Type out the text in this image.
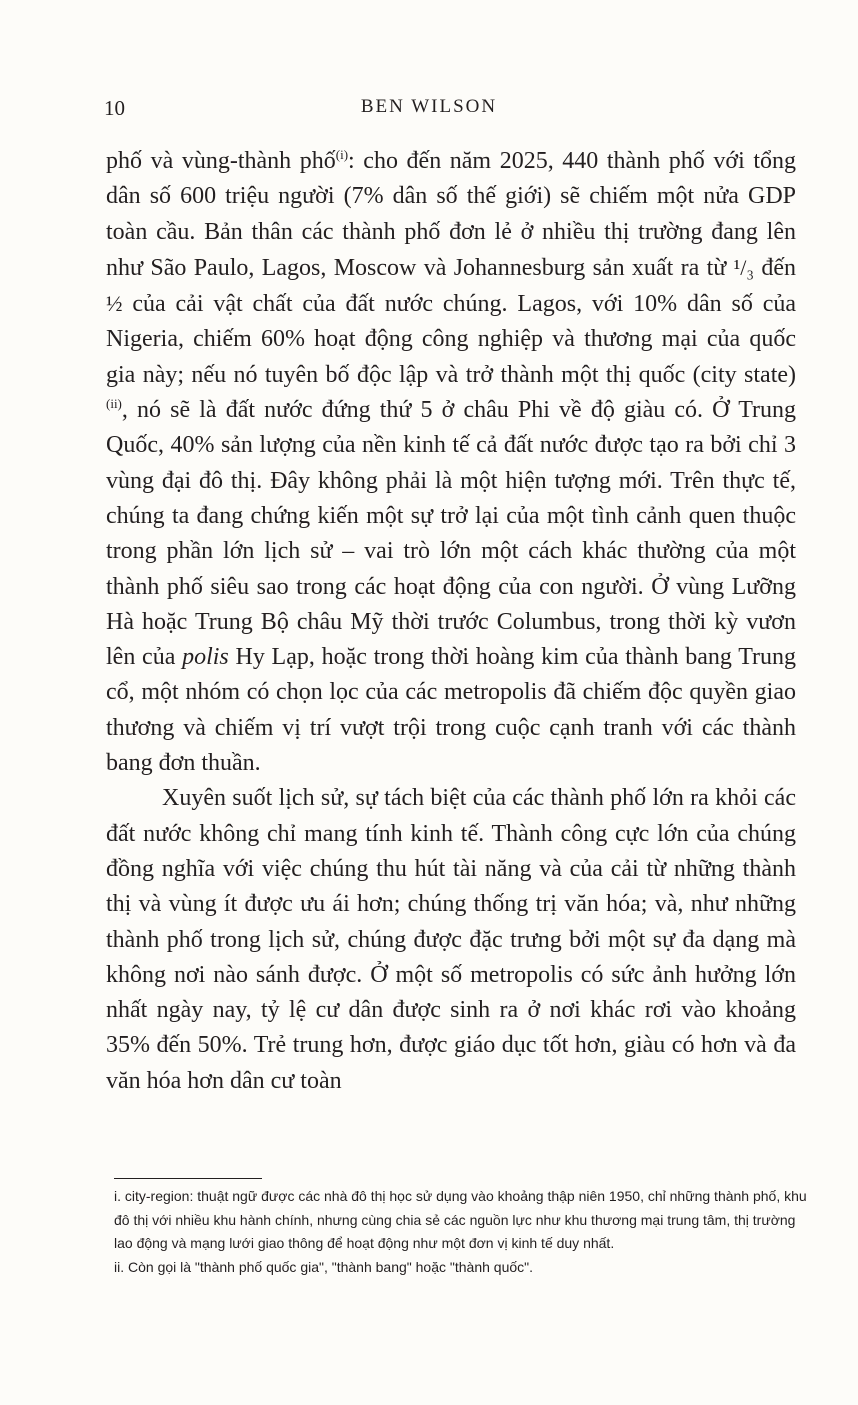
10	BEN WILSON

phố và vùng-thành phố$^{(i)}$: cho đến năm 2025, 440 thành phố với tổng dân số 600 triệu người (7% dân số thế giới) sẽ chiếm một nửa GDP toàn cầu. Bản thân các thành phố đơn lẻ ở nhiều thị trường đang lên như São Paulo, Lagos, Moscow và Johannesburg sản xuất ra từ ¹/₃ đến ½ của cải vật chất của đất nước chúng. Lagos, với 10% dân số của Nigeria, chiếm 60% hoạt động công nghiệp và thương mại của quốc gia này; nếu nó tuyên bố độc lập và trở thành một thị quốc (city state)$^{(ii)}$, nó sẽ là đất nước đứng thứ 5 ở châu Phi về độ giàu có. Ở Trung Quốc, 40% sản lượng của nền kinh tế cả đất nước được tạo ra bởi chỉ 3 vùng đại đô thị. Đây không phải là một hiện tượng mới. Trên thực tế, chúng ta đang chứng kiến một sự trở lại của một tình cảnh quen thuộc trong phần lớn lịch sử – vai trò lớn một cách khác thường của một thành phố siêu sao trong các hoạt động của con người. Ở vùng Lưỡng Hà hoặc Trung Bộ châu Mỹ thời trước Columbus, trong thời kỳ vươn lên của polis Hy Lạp, hoặc trong thời hoàng kim của thành bang Trung cổ, một nhóm có chọn lọc của các metropolis đã chiếm độc quyền giao thương và chiếm vị trí vượt trội trong cuộc cạnh tranh với các thành bang đơn thuần.

Xuyên suốt lịch sử, sự tách biệt của các thành phố lớn ra khỏi các đất nước không chỉ mang tính kinh tế. Thành công cực lớn của chúng đồng nghĩa với việc chúng thu hút tài năng và của cải từ những thành thị và vùng ít được ưu ái hơn; chúng thống trị văn hóa; và, như những thành phố trong lịch sử, chúng được đặc trưng bởi một sự đa dạng mà không nơi nào sánh được. Ở một số metropolis có sức ảnh hưởng lớn nhất ngày nay, tỷ lệ cư dân được sinh ra ở nơi khác rơi vào khoảng 35% đến 50%. Trẻ trung hơn, được giáo dục tốt hơn, giàu có hơn và đa văn hóa hơn dân cư toàn

i. city-region: thuật ngữ được các nhà đô thị học sử dụng vào khoảng thập niên 1950, chỉ những thành phố, khu đô thị với nhiều khu hành chính, nhưng cùng chia sẻ các nguồn lực như khu thương mại trung tâm, thị trường lao động và mạng lưới giao thông để hoạt động như một đơn vị kinh tế duy nhất.

ii. Còn gọi là "thành phố quốc gia", "thành bang" hoặc "thành quốc".
